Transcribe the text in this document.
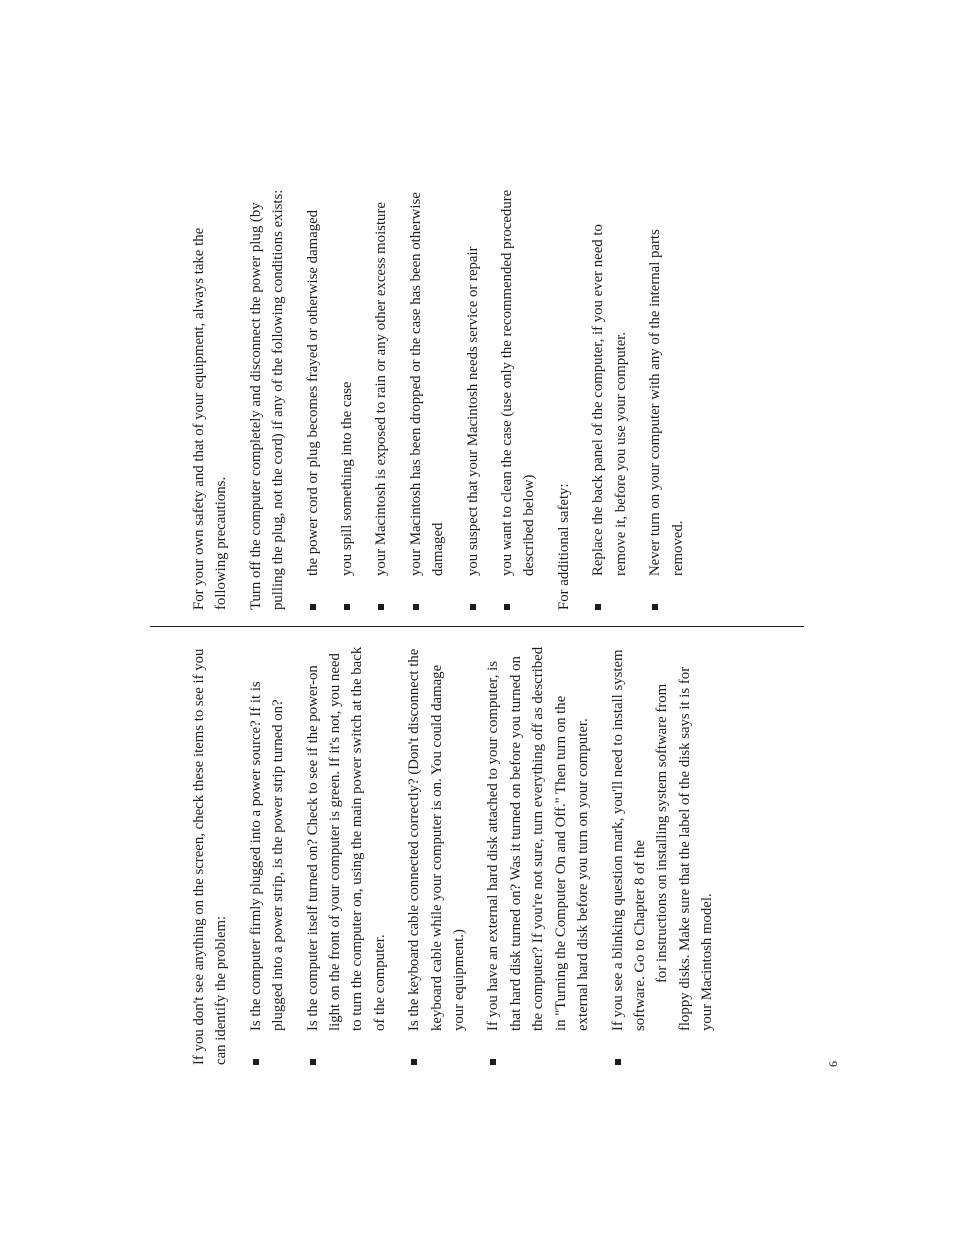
If you don't see anything on the screen, check these items to see if you can identify the problem: Is the computer firmly plugged into a power source? If it is plugged into a power strip, is the power strip turned on? Is the computer itself turned on? Check to see if the power-on light on the front of your computer is green. If it's not, you need to turn the computer on, using the main power switch at the back of the computer. Is the keyboard cable connected correctly? (Don't disconnect the keyboard cable while your computer is on. You could damage your equipment.) If you have an external hard disk attached to your computer, is that hard disk turned on? Was it turned on before you turned on the computer? If you're not sure, turn everything off as described in "Turning the Computer On and Off." Then turn on the external hard disk before you turn on your computer. If you see a blinking question mark, you'll need to install system software. Go to Chapter 8 of the for instructions on installing system software from floppy disks. Make sure that the label of the disk says it is for your Macintosh model.

For your own safety and that of your equipment, always take the following precautions. Turn off the computer completely and disconnect the power plug (by pulling the plug, not the cord) if any of the following conditions exists: the power cord or plug becomes frayed or otherwise damaged you spill something into the case your Macintosh is exposed to rain or any other excess moisture your Macintosh has been dropped or the case has been otherwise damaged you suspect that your Macintosh needs service or repair you want to clean the case (use only the recommended procedure described below) For additional safety: Replace the back panel of the computer, if you ever need to remove it, before you use your computer. Never turn on your computer with any of the internal parts removed.
6
